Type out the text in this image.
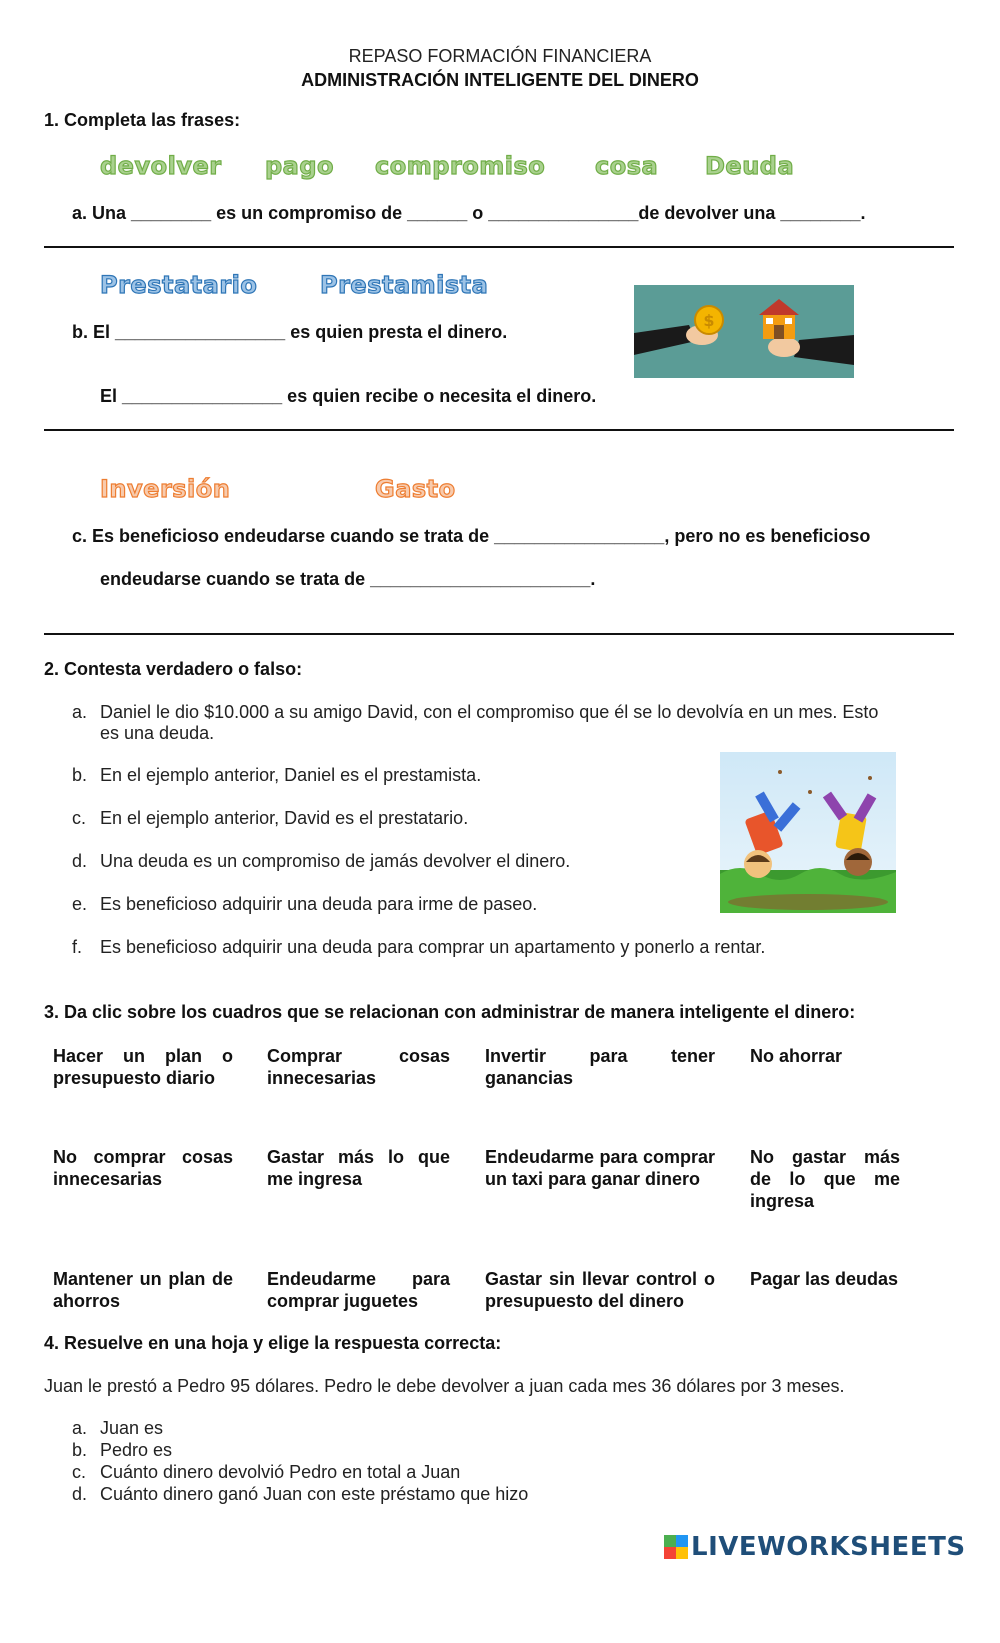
REPASO FORMACIÓN FINANCIERA
ADMINISTRACIÓN INTELIGENTE DEL DINERO
1. Completa las frases:
devolver pago compromiso cosa Deuda
a. Una ________ es un compromiso de ______ o _______________de devolver una ________.
Prestatario	Prestamista
b. El _________________ es quien presta el dinero.
El ________________ es quien recibe o necesita el dinero.
$
Inversión	Gasto
c. Es beneficioso endeudarse cuando se trata de _________________, pero no es beneficioso
endeudarse cuando se trata de ______________________.
2. Contesta verdadero o falso:
a. Daniel le dio $10.000 a su amigo David, con el compromiso que él se lo devolvía en un mes. Esto
es una deuda.
b. En el ejemplo anterior, Daniel es el prestamista.
c. En el ejemplo anterior, David es el prestatario.
d. Una deuda es un compromiso de jamás devolver el dinero.
e. Es beneficioso adquirir una deuda para irme de paseo.
f. Es beneficioso adquirir una deuda para comprar un apartamento y ponerlo a rentar.
3. Da clic sobre los cuadros que se relacionan con administrar de manera inteligente el dinero:
Hacer un plan o presupuesto diario
Comprar cosas innecesarias
Invertir para tener ganancias
No ahorrar
No comprar cosas innecesarias
Gastar más lo que me ingresa
Endeudarme para comprar un taxi para ganar dinero
No gastar más de lo que me ingresa
Mantener un plan de ahorros
Endeudarme para comprar juguetes
Gastar sin llevar control o presupuesto del dinero
Pagar las deudas
4. Resuelve en una hoja y elige la respuesta correcta:
Juan le prestó a Pedro 95 dólares. Pedro le debe devolver a juan cada mes 36 dólares por 3 meses.
a. Juan es
b. Pedro es
c. Cuánto dinero devolvió Pedro en total a Juan
d. Cuánto dinero ganó Juan con este préstamo que hizo
LIVEWORKSHEETS
